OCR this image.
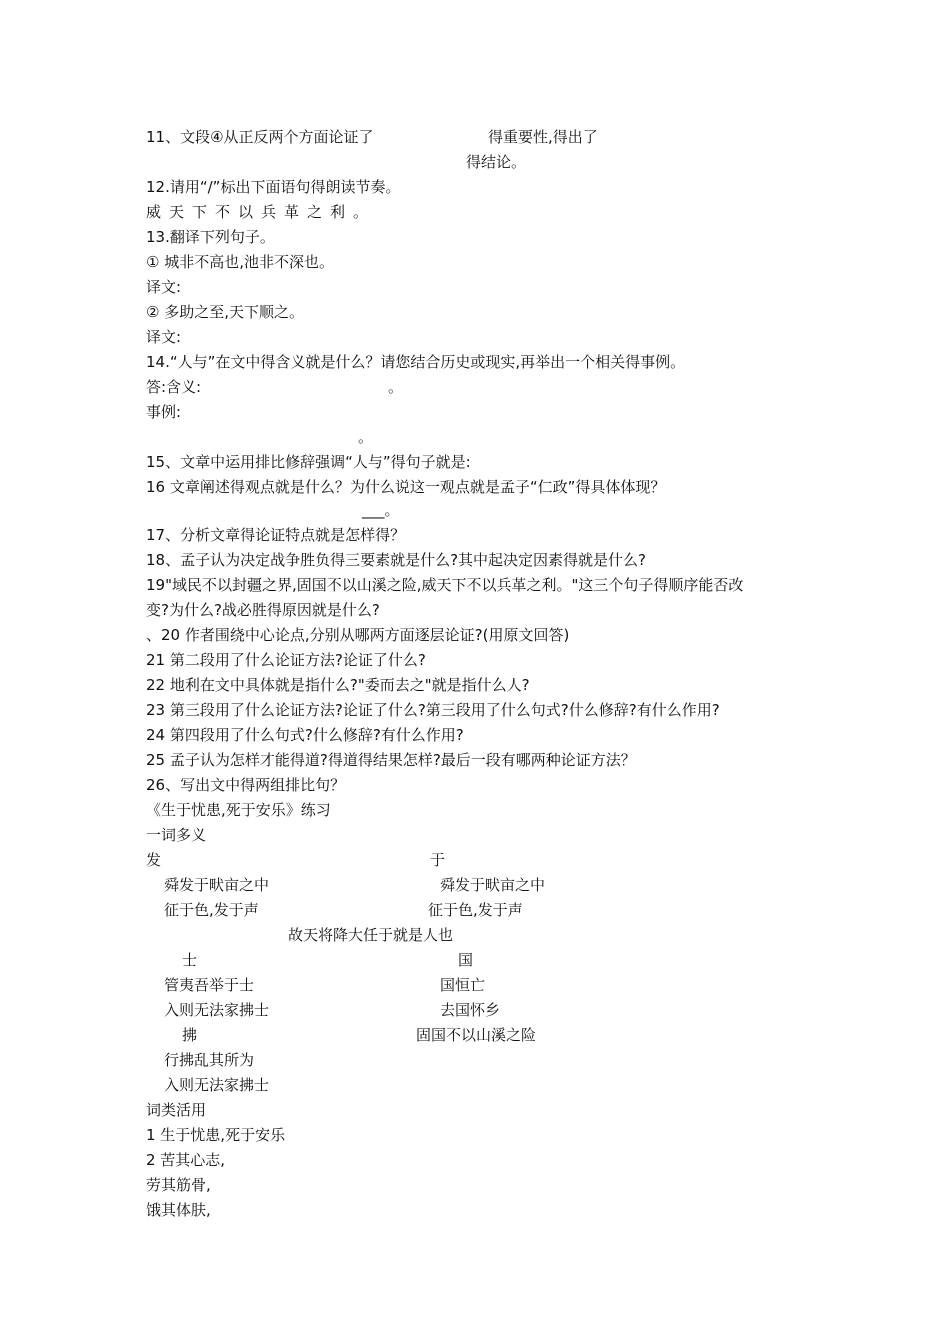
11、文段④从正反两个方面论证了	得重要性,得出了
得结论。
12.请用“/”标出下面语句得朗读节奏。
威天下不以兵革之利。
13.翻译下列句子。
① 城非不高也,池非不深也。
译文:
② 多助之至,天下顺之。
译文:
14.“人与”在文中得含义就是什么？请您结合历史或现实,再举出一个相关得事例。
答:含义:	。
事例:
。
15、文章中运用排比修辞强调“人与”得句子就是:
16 文章阐述得观点就是什么？为什么说这一观点就是孟子“仁政”得具体体现？
___。
17、分析文章得论证特点就是怎样得？
18、孟子认为决定战争胜负得三要素就是什么?其中起决定因素得就是什么?
19"域民不以封疆之界,固国不以山溪之险,威天下不以兵革之利。"这三个句子得顺序能否改
变?为什么?战必胜得原因就是什么?
、20 作者围绕中心论点,分别从哪两方面逐层论证?(用原文回答)
21 第二段用了什么论证方法?论证了什么?
22 地利在文中具体就是指什么?"委而去之"就是指什么人?
23 第三段用了什么论证方法?论证了什么?第三段用了什么句式?什么修辞?有什么作用?
24 第四段用了什么句式?什么修辞?有什么作用?
25 孟子认为怎样才能得道?得道得结果怎样?最后一段有哪两种论证方法？
26、写出文中得两组排比句？
《生于忧患,死于安乐》练习
一词多义
发	于
舜发于畎亩之中	舜发于畎亩之中
征于色,发于声	征于色,发于声
故天将降大任于就是人也
士	国
管夷吾举于士	国恒亡
入则无法家拂士	去国怀乡
拂	固国不以山溪之险
行拂乱其所为
入则无法家拂士
词类活用
1 生于忧患,死于安乐
2 苦其心志,
劳其筋骨,
饿其体肤,
